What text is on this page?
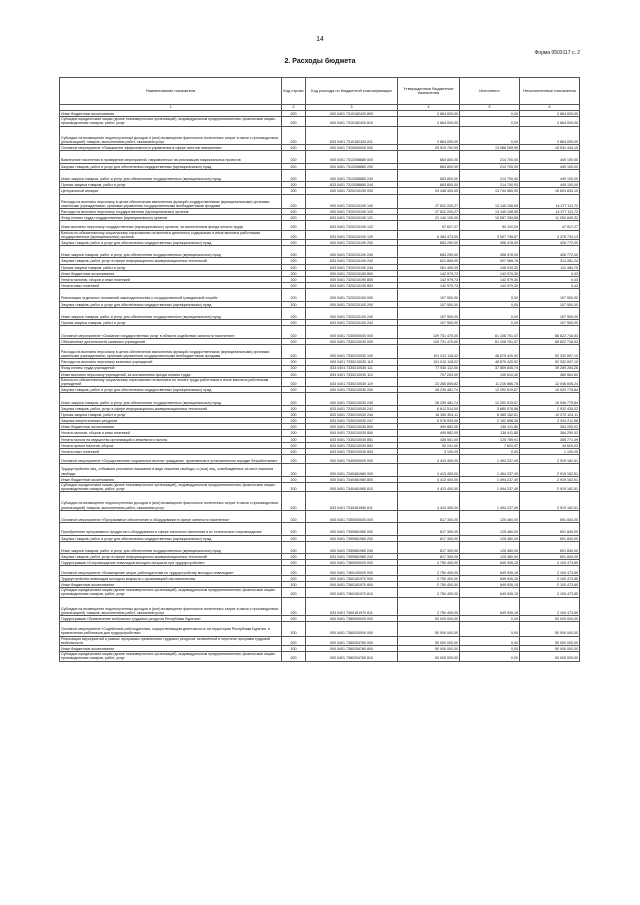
14
Форма 0503117 с. 2
2. Расходы бюджета
Наименование показателя	Код строки	Код расхода по бюджетной классификации	Утвержденные бюджетные назначения	Исполнено	Неисполненные назначения
1	2	3	4	5	6
Иные бюджетные ассигнования	200	000 0401 7310182420 800	2 664 000,00	0,00	2 664 000,00
Субсидии юридическим лицам (кроме некоммерческих организаций), индивидуальным предпринимателям, физическим лицам - производителям товаров, работ, услуг	200	000 0401 7310182420 810	2 664 000,00	0,00	2 664 000,00
Субсидии на возмещение недополученных доходов и (или) возмещение фактически понесенных затрат в связи с производством (реализацией) товаров, выполнением работ, оказанием услуг	200	833 0401 7310182420 811	2 664 000,00	0,00	2 664 000,00
Основное мероприятие «Повышение эффективности управления в сфере агентов назначения»	200	000 0401 7320000000 000	29 919 700,50	13 988 265,90	15 931 434,10
Вовлечение населения в проведение мероприятий, направленных на реализацию национальных проектов	200	000 0401 7312058880 000	663 800,00	214 700,00	449 100,00
Закупка товаров, работ и услуг для обеспечения государственных (муниципальных) нужд	200	000 0401 7312058880 200	663 800,00	214 700,00	449 100,00
Иные закупки товаров, работ и услуг для обеспечения государственных (муниципальных) нужд	200	000 0401 7312058880 240	663 800,00	214 700,00	449 100,00
Прочая закупка товаров, работ и услуг	200	833 0401 7312058880 244	663 800,00	214 700,00	449 100,00
Центральный аппарат	200	000 0401 7320210190 000	29 448 400,00	13 744 565,90	15 603 834,10
Расходы на выплаты персоналу в целях обеспечения выполнения функций государственными (муниципальными) органами, казенными учреждениями, органами управления государственными внебюджетными фондами	200	000 0401 7320210190 100	27 622 200,27	13 145 108,55	14 477 111,72
Расходы на выплаты персоналу государственных (муниципальных) органов	200	000 0401 7320210190 120	27 622 200,27	13 145 108,55	14 477 111,72
Фонд оплаты труда государственных (муниципальных) органов	200	833 0401 7320210190 121	21 140 100,00	10 087 259,68	11 052 840,32
Иные выплаты персоналу государственных (муниципальных) органов, за исключением фонда оплаты труда	200	833 0401 7320210190 122	97 627,27	50 110,00	47 517,27
Взносы по обязательному социальному страхованию на выплаты денежного содержания и иные выплаты работникам государственных (муниципальных) органов	200	833 0401 7320210190 129	6 384 473,00	3 007 738,87	3 376 734,13
Закупка товаров, работ и услуг для обеспечения государственных (муниципальных) нужд	200	000 0401 7320210190 200	683 250,00	456 478,00	426 772,00
Иные закупки товаров, работ и услуг для обеспечения государственных (муниципальных) нужд	200	000 0401 7320210190 240	683 250,00	456 478,00	426 772,00
Закупка товаров, работ, услуг в сфере информационно-коммуникационных технологий	200	833 0401 7320210190 242	621 850,00	307 568,76	314 281,24
Прочая закупка товаров, работ и услуг	200	833 0401 7320210190 244	261 400,00	148 915,30	112 484,70
Иные бюджетные ассигнования	200	000 0401 7320210190 800	142 979,73	142 979,30	0,43
Уплата налогов, сборов и иных платежей	200	000 0401 7320210190 850	142 979,73	142 979,30	0,43
Уплата иных платежей	200	833 0401 7320210190 853	142 979,73	142 979,30	0,43
Реализация отдельных положений законодательства о государственной гражданской службе	200	000 0401 7320220100 000	107 500,00	0,00	107 500,00
Закупка товаров, работ и услуг для обеспечения государственных (муниципальных) нужд	200	000 0401 7320220100 200	107 500,00	0,00	107 500,00
Иные закупки товаров, работ и услуг для обеспечения государственных (муниципальных) нужд	200	000 0401 7320220100 240	107 500,00	0,00	107 500,00
Прочая закупка товаров, работ и услуг	200	833 0401 7320220100 244	107 500,00	0,00	107 500,00
Основное мероприятие «Оказание государственных услуг в области содействия занятости населения»	200	000 0401 7330000000 000	129 731 470,00	61 108 751,47	68 622 718,53
Обеспечение деятельности казенных учреждений	200	000 0401 7330210030 000	129 731 470,00	61 108 751,47	68 622 718,53
Расходы на выплаты персоналу в целях обеспечения выполнения функций государственными (муниципальными) органами, казенными учреждениями, органами управления государственными внебюджетными фондами	200	000 0401 7330210030 100	101 012 118,02	48 679 420,92	52 332 697,10
Расходы на выплаты персоналу казенных учреждений	200	000 0401 7330210030 110	101 012 118,02	48 679 420,92	52 332 697,10
Фонд оплаты труда учреждений	200	833 0401 7330210030 111	77 930 112,00	37 859 845,74	39 289 264,26
Иные выплаты персоналу учреждений, за исключением фонда оплаты труда	200	833 0401 7330210030 112	707 203,00	105 610,40	380 564,60
Взносы по обязательному социальному страхованию на выплаты по оплате труда работников и иные выплаты работникам учреждений	200	833 0401 7330210030 119	23 285 805,82	11 216 886,78	12 046 845,24
Закупка товаров, работ и услуг для обеспечения государственных (муниципальных) нужд	200	000 0401 7330210030 200	28 239 481,74	12 292 915,67	15 920 778,84
Иные закупки товаров, работ и услуг для обеспечения государственных (муниципальных) нужд	200	000 0401 7330210030 240	28 239 481,74	12 292 915,67	15 946 779,84
Закупка товаров, работ, услуг в сфере информационно-коммуникационных технологий	200	833 0401 7330210030 242	6 612 514,00	3 680 078,88	2 932 435,32
Прочая закупка товаров, работ и услуг	200	833 0401 7330210030 244	16 350 304,11	6 480 182,61	10 070 124,11
Закупка энергетических ресурсов	200	833 0401 7330210030 247	5 076 593,00	2 152 656,28	2 924 211,56
Иные бюджетные ассигнования	200	000 0401 7330210030 800	499 882,05	136 411,85	364 250,02
Уплата налогов, сборов и иных платежей	200	000 0401 7330210030 850	499 882,05	136 411,85	364 250,02
Уплата налога на имущество организаций и земельного налога	200	833 0401 7330210030 851	436 561,00	125 789,91	308 771,09
Уплата прочих налогов, сборов	200	833 0401 7330210030 852	52 241,00	7 620,97	44 620,03
Уплата иных платежей	200	833 0401 7330210030 853	3 100,00	0,00	1 100,00
Основное мероприятие «Осуществление социальных выплат гражданам, признанным в установленном порядке безработными»	200	000 0401 7340000000 000	4 413 400,00	1 494 237,49	2 919 162,51
Трудоустройство лиц, отбывших уголовное наказание в виде лишения свободы, и (или) лиц, освобождённых из мест лишения свободы	200	000 0401 7340481980 000	4 413 400,00	1 494 237,49	2 919 162,51
Иные бюджетные ассигнования	200	000 0401 7340481980 800	4 413 400,00	1 494 237,49	2 919 162,51
Субсидии юридическим лицам (кроме некоммерческих организаций), индивидуальным предпринимателям, физическим лицам - производителям товаров, работ, услуг	200	000 0401 7340481980 810	4 413 400,00	1 494 237,49	2 919 162,51
Субсидии на возмещение недополученных доходов и (или) возмещение фактически понесенных затрат в связи с производством (реализацией) товаров, выполнением работ, оказанием услуг	200	833 0401 7340481980 811	4 413 400,00	1 494 237,49	2 919 162,51
Основное мероприятие «Программное обеспечение и оборудование в сфере занятости населения»	200	000 0401 7350000000 000	817 300,00	125 460,00	691 840,00
Приобретение программных продуктов и оборудования в сфере занятости населения и их техническое сопровождение	200	000 0401 7350581980 000	817 300,00	125 460,00	691 840,00
Закупка товаров, работ и услуг для обеспечения государственных (муниципальных) нужд	200	000 0401 7350581980 200	817 300,00	125 460,00	691 840,00
Иные закупки товаров, работ и услуг для обеспечения государственных (муниципальных) нужд	200	000 0401 7350581980 240	817 300,00	125 460,00	691 840,00
Закупка товаров, работ, услуг в сфере информационно-коммуникационных технологий	200	833 0401 7350581980 242	817 300,00	125 460,00	691 840,00
Подпрограмма «Сопровождение инвалидов молодого возраста при трудоустройстве»	200	000 0401 7360000000 000	2 750 400,00	649 926,15	2 100 473,85
Основное мероприятие «Возмещение затрат работодателям по трудоустройству молодых инвалидов»	200	000 0401 7360100000 000	2 750 400,00	649 926,15	2 100 473,85
Трудоустройство инвалидов молодого возраста с организацией наставничества	200	000 0401 7360181970 000	2 750 400,00	649 926,15	2 100 473,85
Иные бюджетные ассигнования	200	000 0401 7360181970 800	2 750 400,00	649 926,15	2 100 473,85
Субсидии юридическим лицам (кроме некоммерческих организаций), индивидуальным предпринимателям, физическим лицам - производителям товаров, работ, услуг	200	000 0401 7360181970 810	2 750 400,00	649 926,15	2 100 473,85
Субсидии на возмещение недополученных доходов и (или) возмещение фактически понесенных затрат в связи с производством (реализацией) товаров, выполнением работ, оказанием услуг	200	833 0401 7360181970 811	2 750 400,00	649 926,15	2 100 473,85
Подпрограмма «Привлечение мобильных трудовых ресурсов Республики Бурятия»	200	000 0401 7380000000 000	50 000 000,00	0,00	50 000 000,00
Основное мероприятие «Содействие работодателям, осуществляющим деятельность на территории Республики Бурятия, в привлечении работников для трудоустройства»	200	000 0401 7380200000 000	50 000 000,00	0,00	50 000 000,00
Реализация мероприятий в рамках программы привлечения трудовых ресурсов, включённой в перечень программ трудовой мобильности	200	000 0401 7380254760 000	50 000 000,00	0,00	50 000 000,00
Иные бюджетные ассигнования	200	000 0401 7380254760 800	50 000 000,00	0,00	50 000 000,00
Субсидии юридическим лицам (кроме некоммерческих организаций), индивидуальным предпринимателям, физическим лицам - производителям товаров, работ, услуг	200	000 0401 7380254760 810	50 000 000,00	0,00	50 000 000,00
